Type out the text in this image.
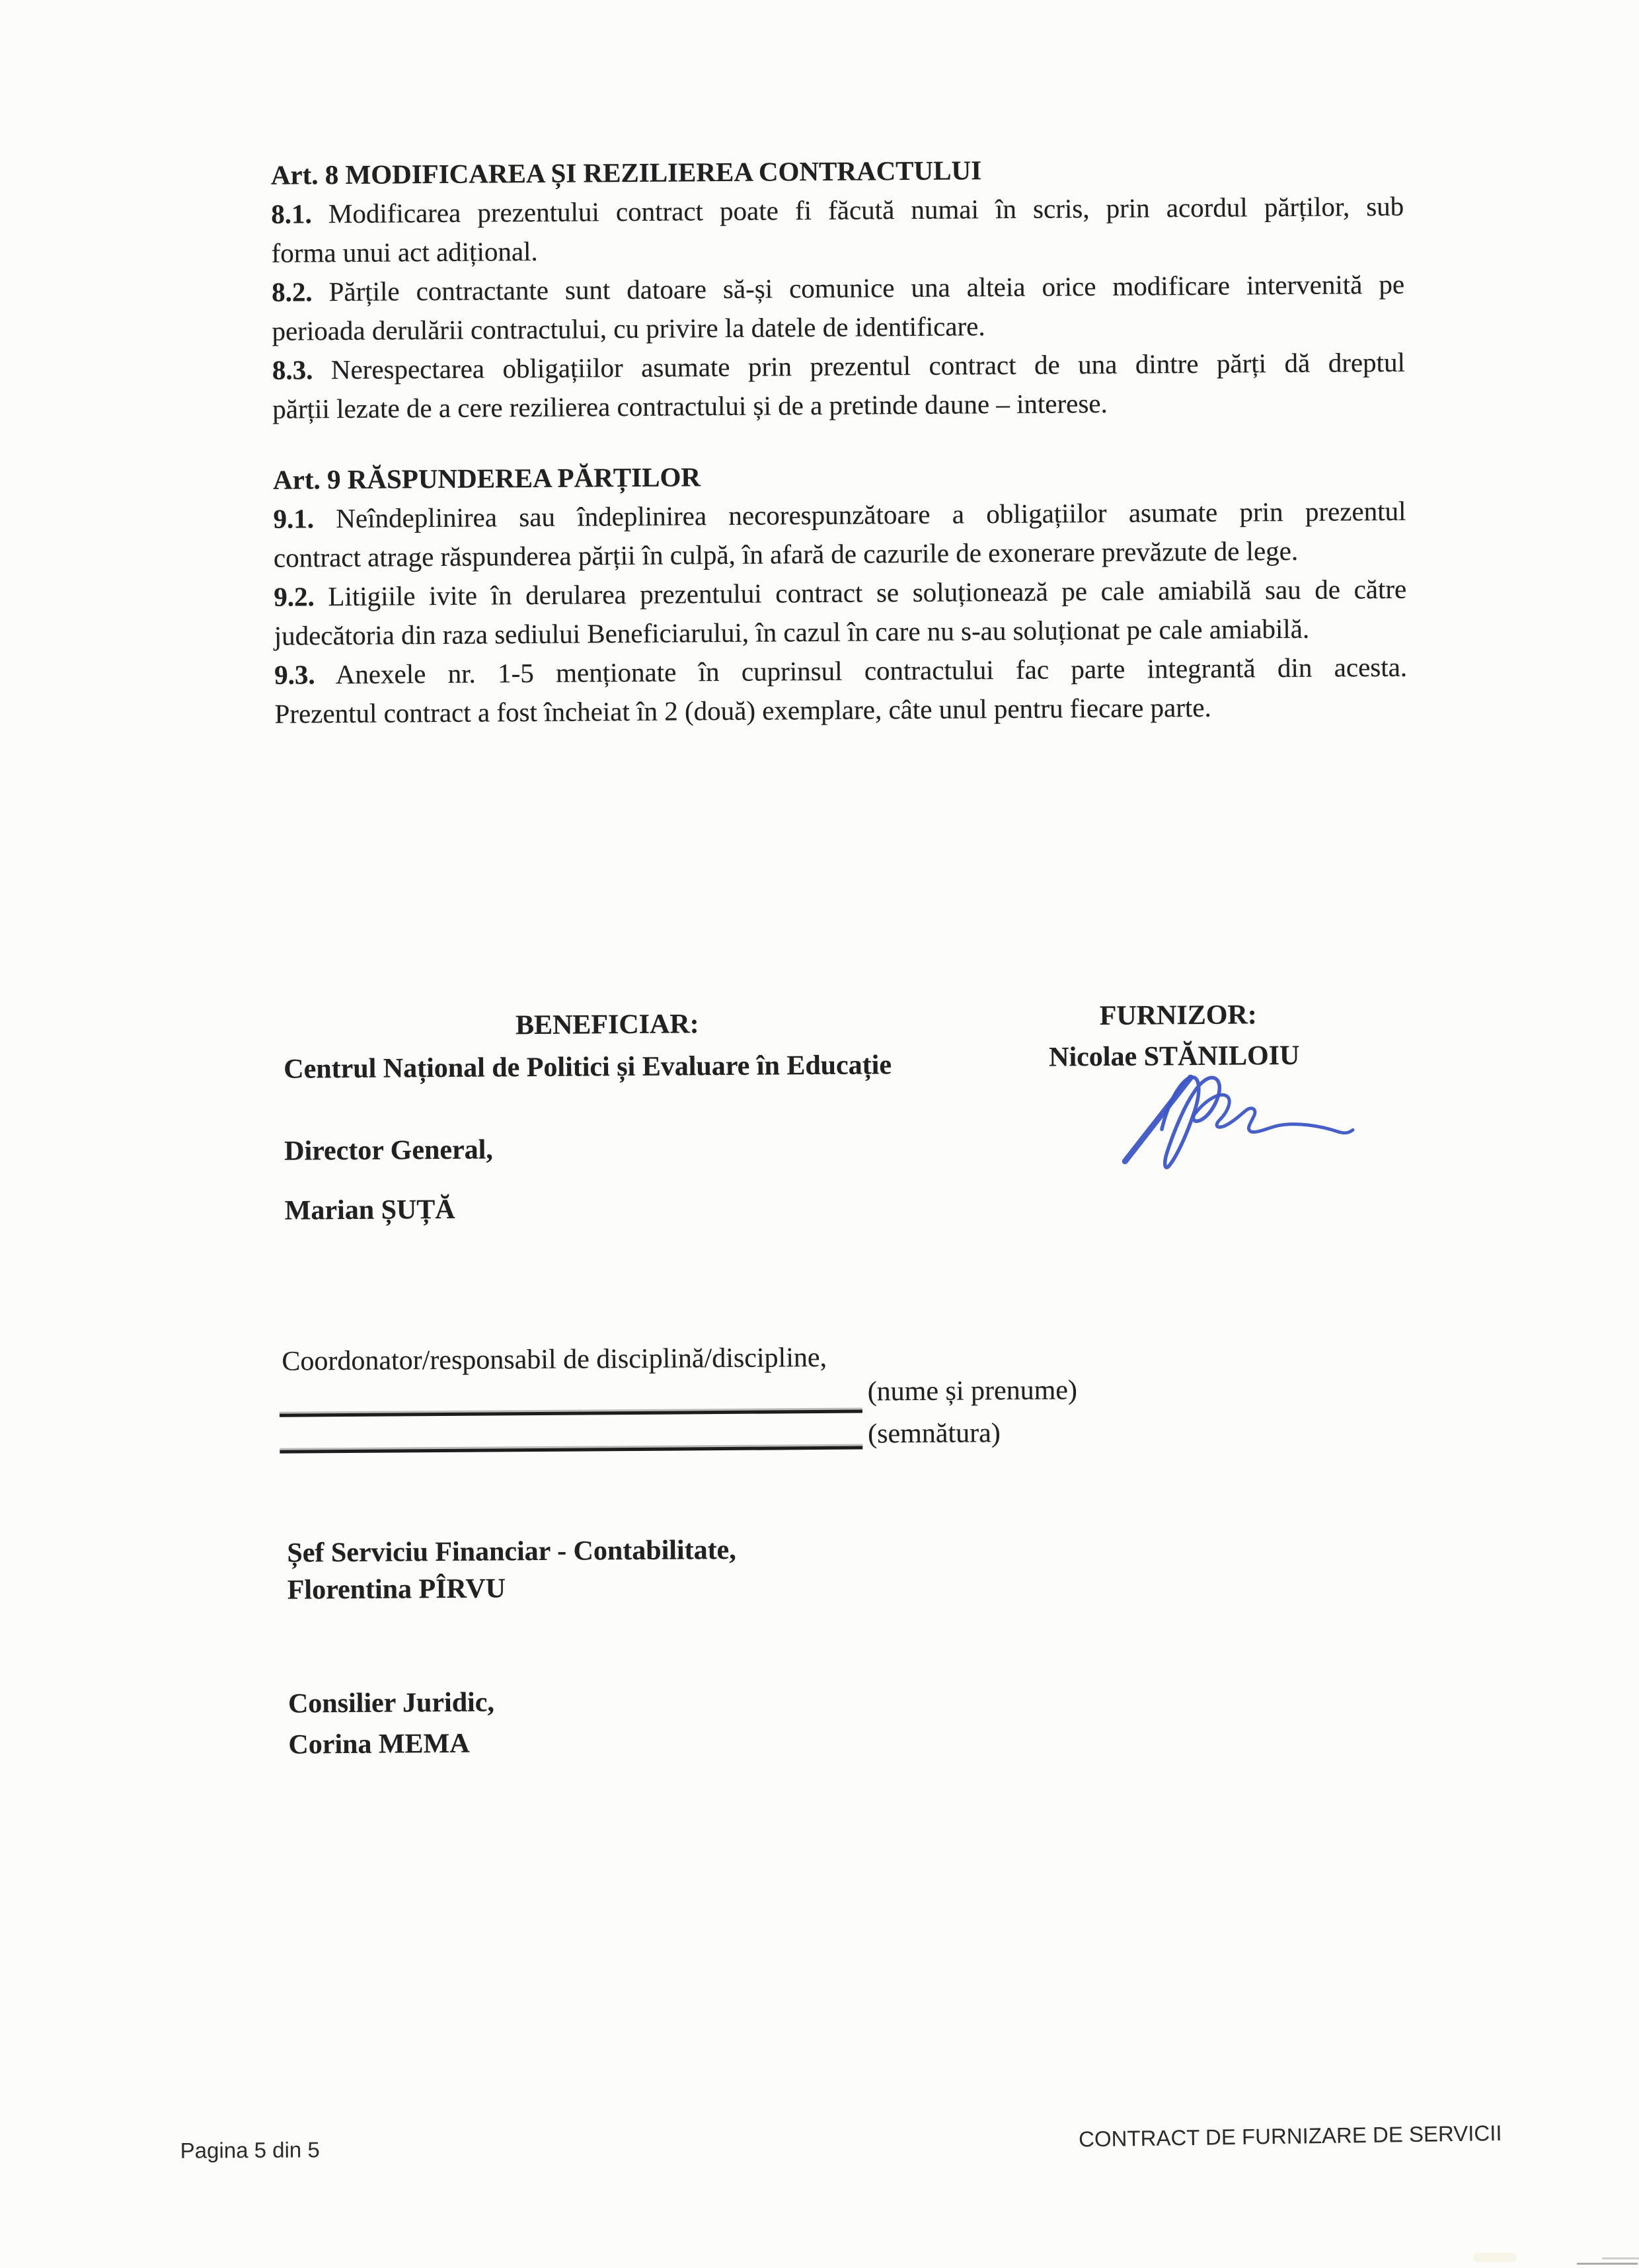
Art. 8 MODIFICAREA ȘI REZILIEREA CONTRACTULUI
8.1. Modificarea prezentului contract poate fi făcută numai în scris, prin acordul părților, sub
forma unui act adițional.
8.2. Părțile contractante sunt datoare să-și comunice una alteia orice modificare intervenită pe
perioada derulării contractului, cu privire la datele de identificare.
8.3. Nerespectarea obligațiilor asumate prin prezentul contract de una dintre părți dă dreptul
părții lezate de a cere rezilierea contractului și de a pretinde daune – interese.
Art. 9 RĂSPUNDEREA PĂRȚILOR
9.1. Neîndeplinirea sau îndeplinirea necorespunzătoare a obligațiilor asumate prin prezentul
contract atrage răspunderea părții în culpă, în afară de cazurile de exonerare prevăzute de lege.
9.2. Litigiile ivite în derularea prezentului contract se soluționează pe cale amiabilă sau de către
judecătoria din raza sediului Beneficiarului, în cazul în care nu s-au soluționat pe cale amiabilă.
9.3. Anexele nr. 1-5 menționate în cuprinsul contractului fac parte integrantă din acesta.
Prezentul contract a fost încheiat în 2 (două) exemplare, câte unul pentru fiecare parte.
BENEFICIAR:	FURNIZOR:
Centrul Național de Politici și Evaluare în Educație	Nicolae STĂNILOIU
Director General,
Marian ȘUȚĂ
Coordonator/responsabil de disciplină/discipline,
(nume și prenume)
(semnătura)
Șef Serviciu Financiar - Contabilitate,
Florentina PÎRVU
Consilier Juridic,
Corina MEMA
Pagina 5 din 5	CONTRACT DE FURNIZARE DE SERVICII
